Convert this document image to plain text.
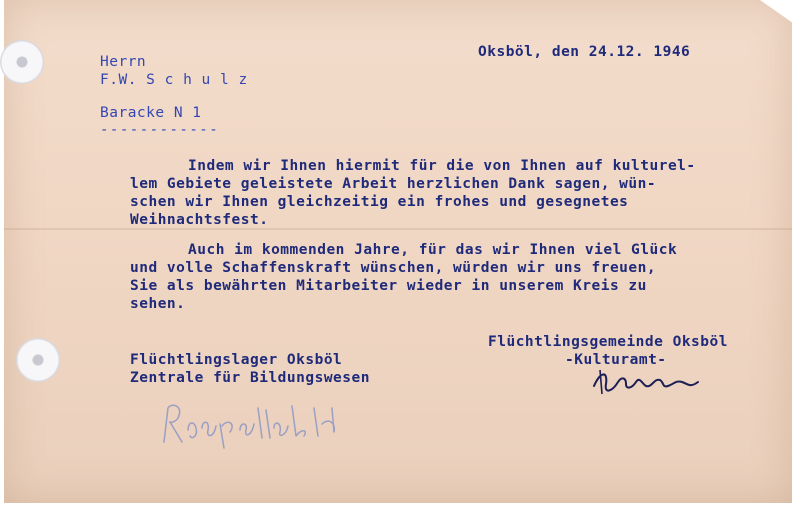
Oksböl, den 24.12. 1946
Herrn
F.W. S c h u l z
Baracke N 1
------------
Indem wir Ihnen hiermit für die von Ihnen auf kulturel-
lem Gebiete geleistete Arbeit herzlichen Dank sagen, wün-
schen wir Ihnen gleichzeitig ein frohes und gesegnetes
Weihnachtsfest.
Auch im kommenden Jahre, für das wir Ihnen viel Glück
und volle Schaffenskraft wünschen, würden wir uns freuen,
Sie als bewährten Mitarbeiter wieder in unserem Kreis zu
sehen.
Flüchtlingsgemeinde Oksböl
-Kulturamt-
Flüchtlingslager Oksböl
Zentrale für Bildungswesen
